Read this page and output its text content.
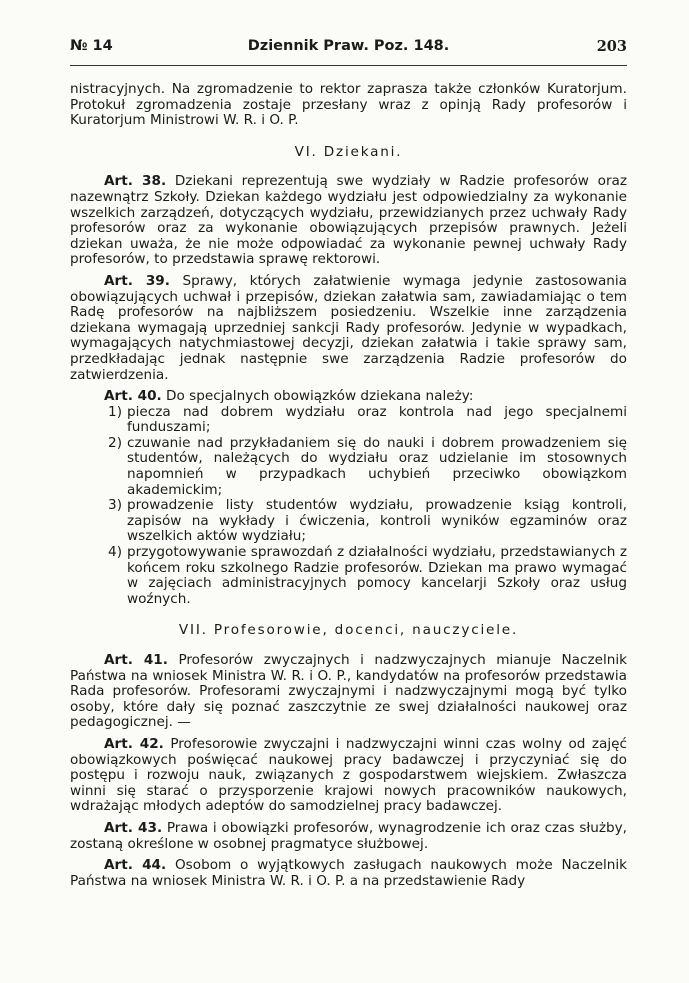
№ 14	Dziennik Praw. Poz. 148.	203

nistracyjnych. Na zgromadzenie to rektor zaprasza także członków Kuratorjum. Protokuł zgromadzenia zostaje przesłany wraz z opinją Rady profesorów i Kuratorjum Ministrowi W. R. i O. P.

VI. Dziekani.

Art. 38. Dziekani reprezentują swe wydziały w Radzie profesorów oraz nazewnątrz Szkoły. Dziekan każdego wydziału jest odpowiedzialny za wykonanie wszelkich zarządzeń, dotyczących wydziału, przewidzianych przez uchwały Rady profesorów oraz za wykonanie obowiązujących przepisów prawnych. Jeżeli dziekan uważa, że nie może odpowiadać za wykonanie pewnej uchwały Rady profesorów, to przedstawia sprawę rektorowi.

Art. 39. Sprawy, których załatwienie wymaga jedynie zastosowania obowiązujących uchwał i przepisów, dziekan załatwia sam, zawiadamiając o tem Radę profesorów na najbliższem posiedzeniu. Wszelkie inne zarządzenia dziekana wymagają uprzedniej sankcji Rady profesorów. Jedynie w wypadkach, wymagających natychmiastowej decyzji, dziekan załatwia i takie sprawy sam, przedkładając jednak następnie swe zarządzenia Radzie profesorów do zatwierdzenia.

Art. 40. Do specjalnych obowiązków dziekana należy:

1) piecza nad dobrem wydziału oraz kontrola nad jego specjalnemi funduszami;
2) czuwanie nad przykładaniem się do nauki i dobrem prowadzeniem się studentów, należących do wydziału oraz udzielanie im stosownych napomnień w przypadkach uchybień przeciwko obowiązkom akademickim;
3) prowadzenie listy studentów wydziału, prowadzenie ksiąg kontroli, zapisów na wykłady i ćwiczenia, kontroli wyników egzaminów oraz wszelkich aktów wydziału;
4) przygotowywanie sprawozdań z działalności wydziału, przedstawianych z końcem roku szkolnego Radzie profesorów. Dziekan ma prawo wymagać w zajęciach administracyjnych pomocy kancelarji Szkoły oraz usług woźnych.

VII. Profesorowie, docenci, nauczyciele.

Art. 41. Profesorów zwyczajnych i nadzwyczajnych mianuje Naczelnik Państwa na wniosek Ministra W. R. i O. P., kandydatów na profesorów przedstawia Rada profesorów. Profesorami zwyczajnymi i nadzwyczajnymi mogą być tylko osoby, które dały się poznać zaszczytnie ze swej działalności naukowej oraz pedagogicznej. —

Art. 42. Profesorowie zwyczajni i nadzwyczajni winni czas wolny od zajęć obowiązkowych poświęcać naukowej pracy badawczej i przyczyniać się do postępu i rozwoju nauk, związanych z gospodarstwem wiejskiem. Zwłaszcza winni się starać o przysporzenie krajowi nowych pracowników naukowych, wdrażając młodych adeptów do samodzielnej pracy badawczej.

Art. 43. Prawa i obowiązki profesorów, wynagrodzenie ich oraz czas służby, zostaną określone w osobnej pragmatyce służbowej.

Art. 44. Osobom o wyjątkowych zasługach naukowych może Naczelnik Państwa na wniosek Ministra W. R. i O. P. a na przedstawienie Rady
